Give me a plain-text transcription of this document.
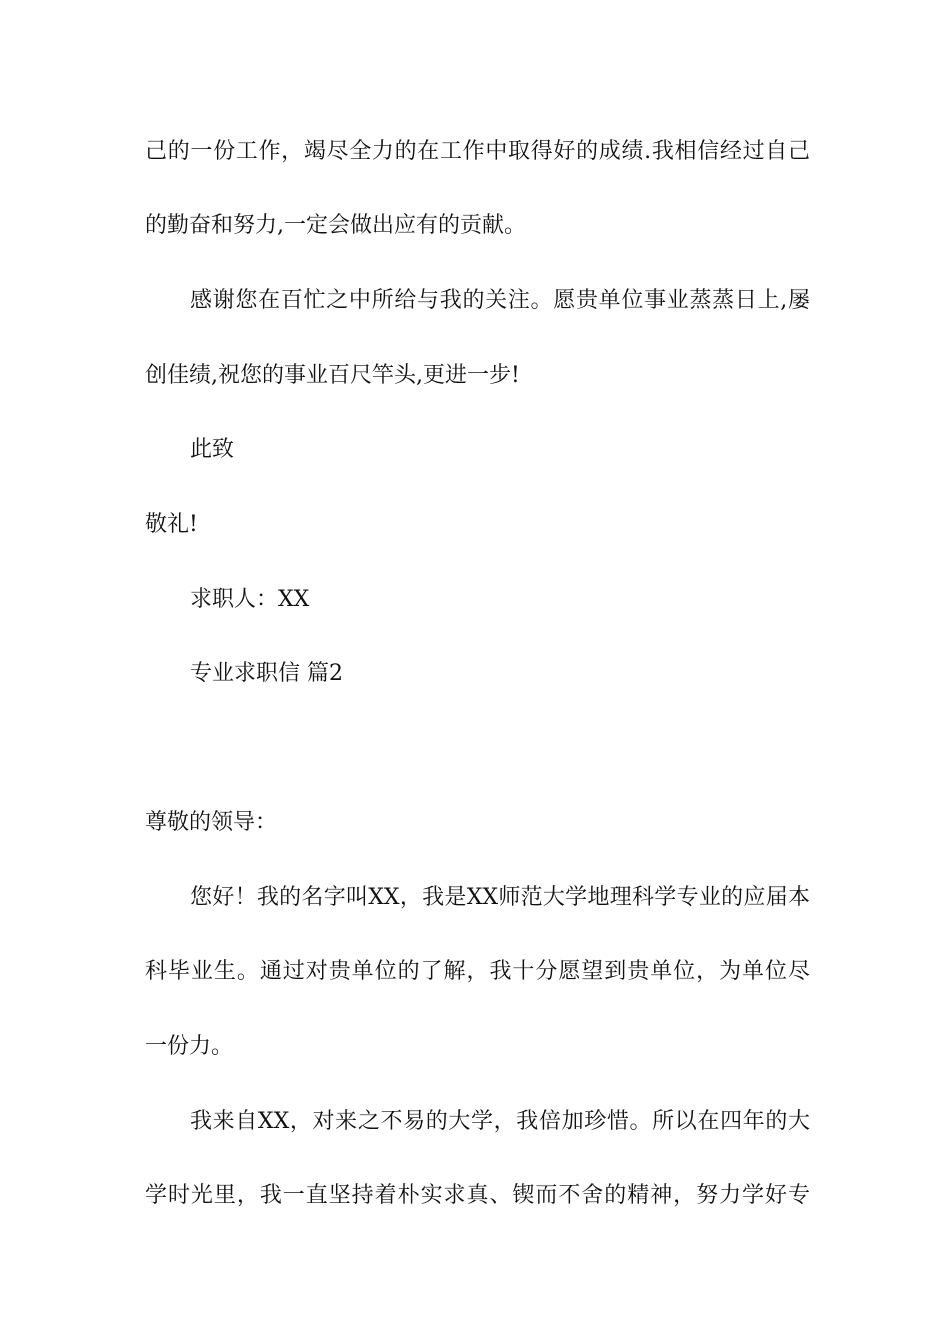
己的一份工作，竭尽全力的在工作中取得好的成绩.我相信经过自己
的勤奋和努力,一定会做出应有的贡献。
感谢您在百忙之中所给与我的关注。愿贵单位事业蒸蒸日上,屡
创佳绩,祝您的事业百尺竿头,更进一步!
此致
敬礼!
求职人：XX
专业求职信 篇2
尊敬的领导：
您好！我的名字叫XX，我是XX师范大学地理科学专业的应届本
科毕业生。通过对贵单位的了解，我十分愿望到贵单位，为单位尽
一份力。
我来自XX，对来之不易的大学，我倍加珍惜。所以在四年的大
学时光里，我一直坚持着朴实求真、锲而不舍的精神，努力学好专
